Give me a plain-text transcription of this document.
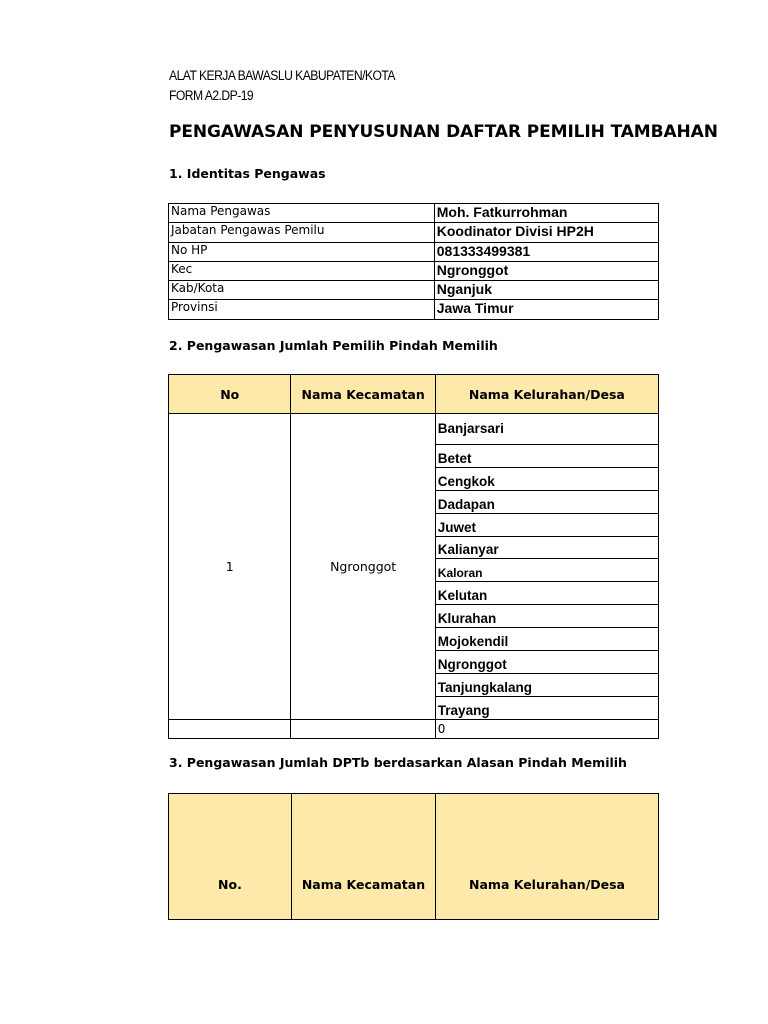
ALAT KERJA BAWASLU KABUPATEN/KOTA
FORM A2.DP-19
PENGAWASAN PENYUSUNAN DAFTAR PEMILIH TAMBAHAN
1. Identitas Pengawas
Nama Pengawas	Moh. Fatkurrohman
Jabatan Pengawas Pemilu	Koodinator Divisi HP2H
No HP	081333499381
Kec	Ngronggot
Kab/Kota	Nganjuk
Provinsi	Jawa Timur
2. Pengawasan Jumlah Pemilih Pindah Memilih
No	Nama Kecamatan	Nama Kelurahan/Desa
1	Ngronggot	Banjarsari
		Betet
		Cengkok
		Dadapan
		Juwet
		Kalianyar
		Kaloran
		Kelutan
		Klurahan
		Mojokendil
		Ngronggot
		Tanjungkalang
		Trayang
		0
3. Pengawasan Jumlah DPTb berdasarkan Alasan Pindah Memilih
No.	Nama Kecamatan	Nama Kelurahan/Desa
